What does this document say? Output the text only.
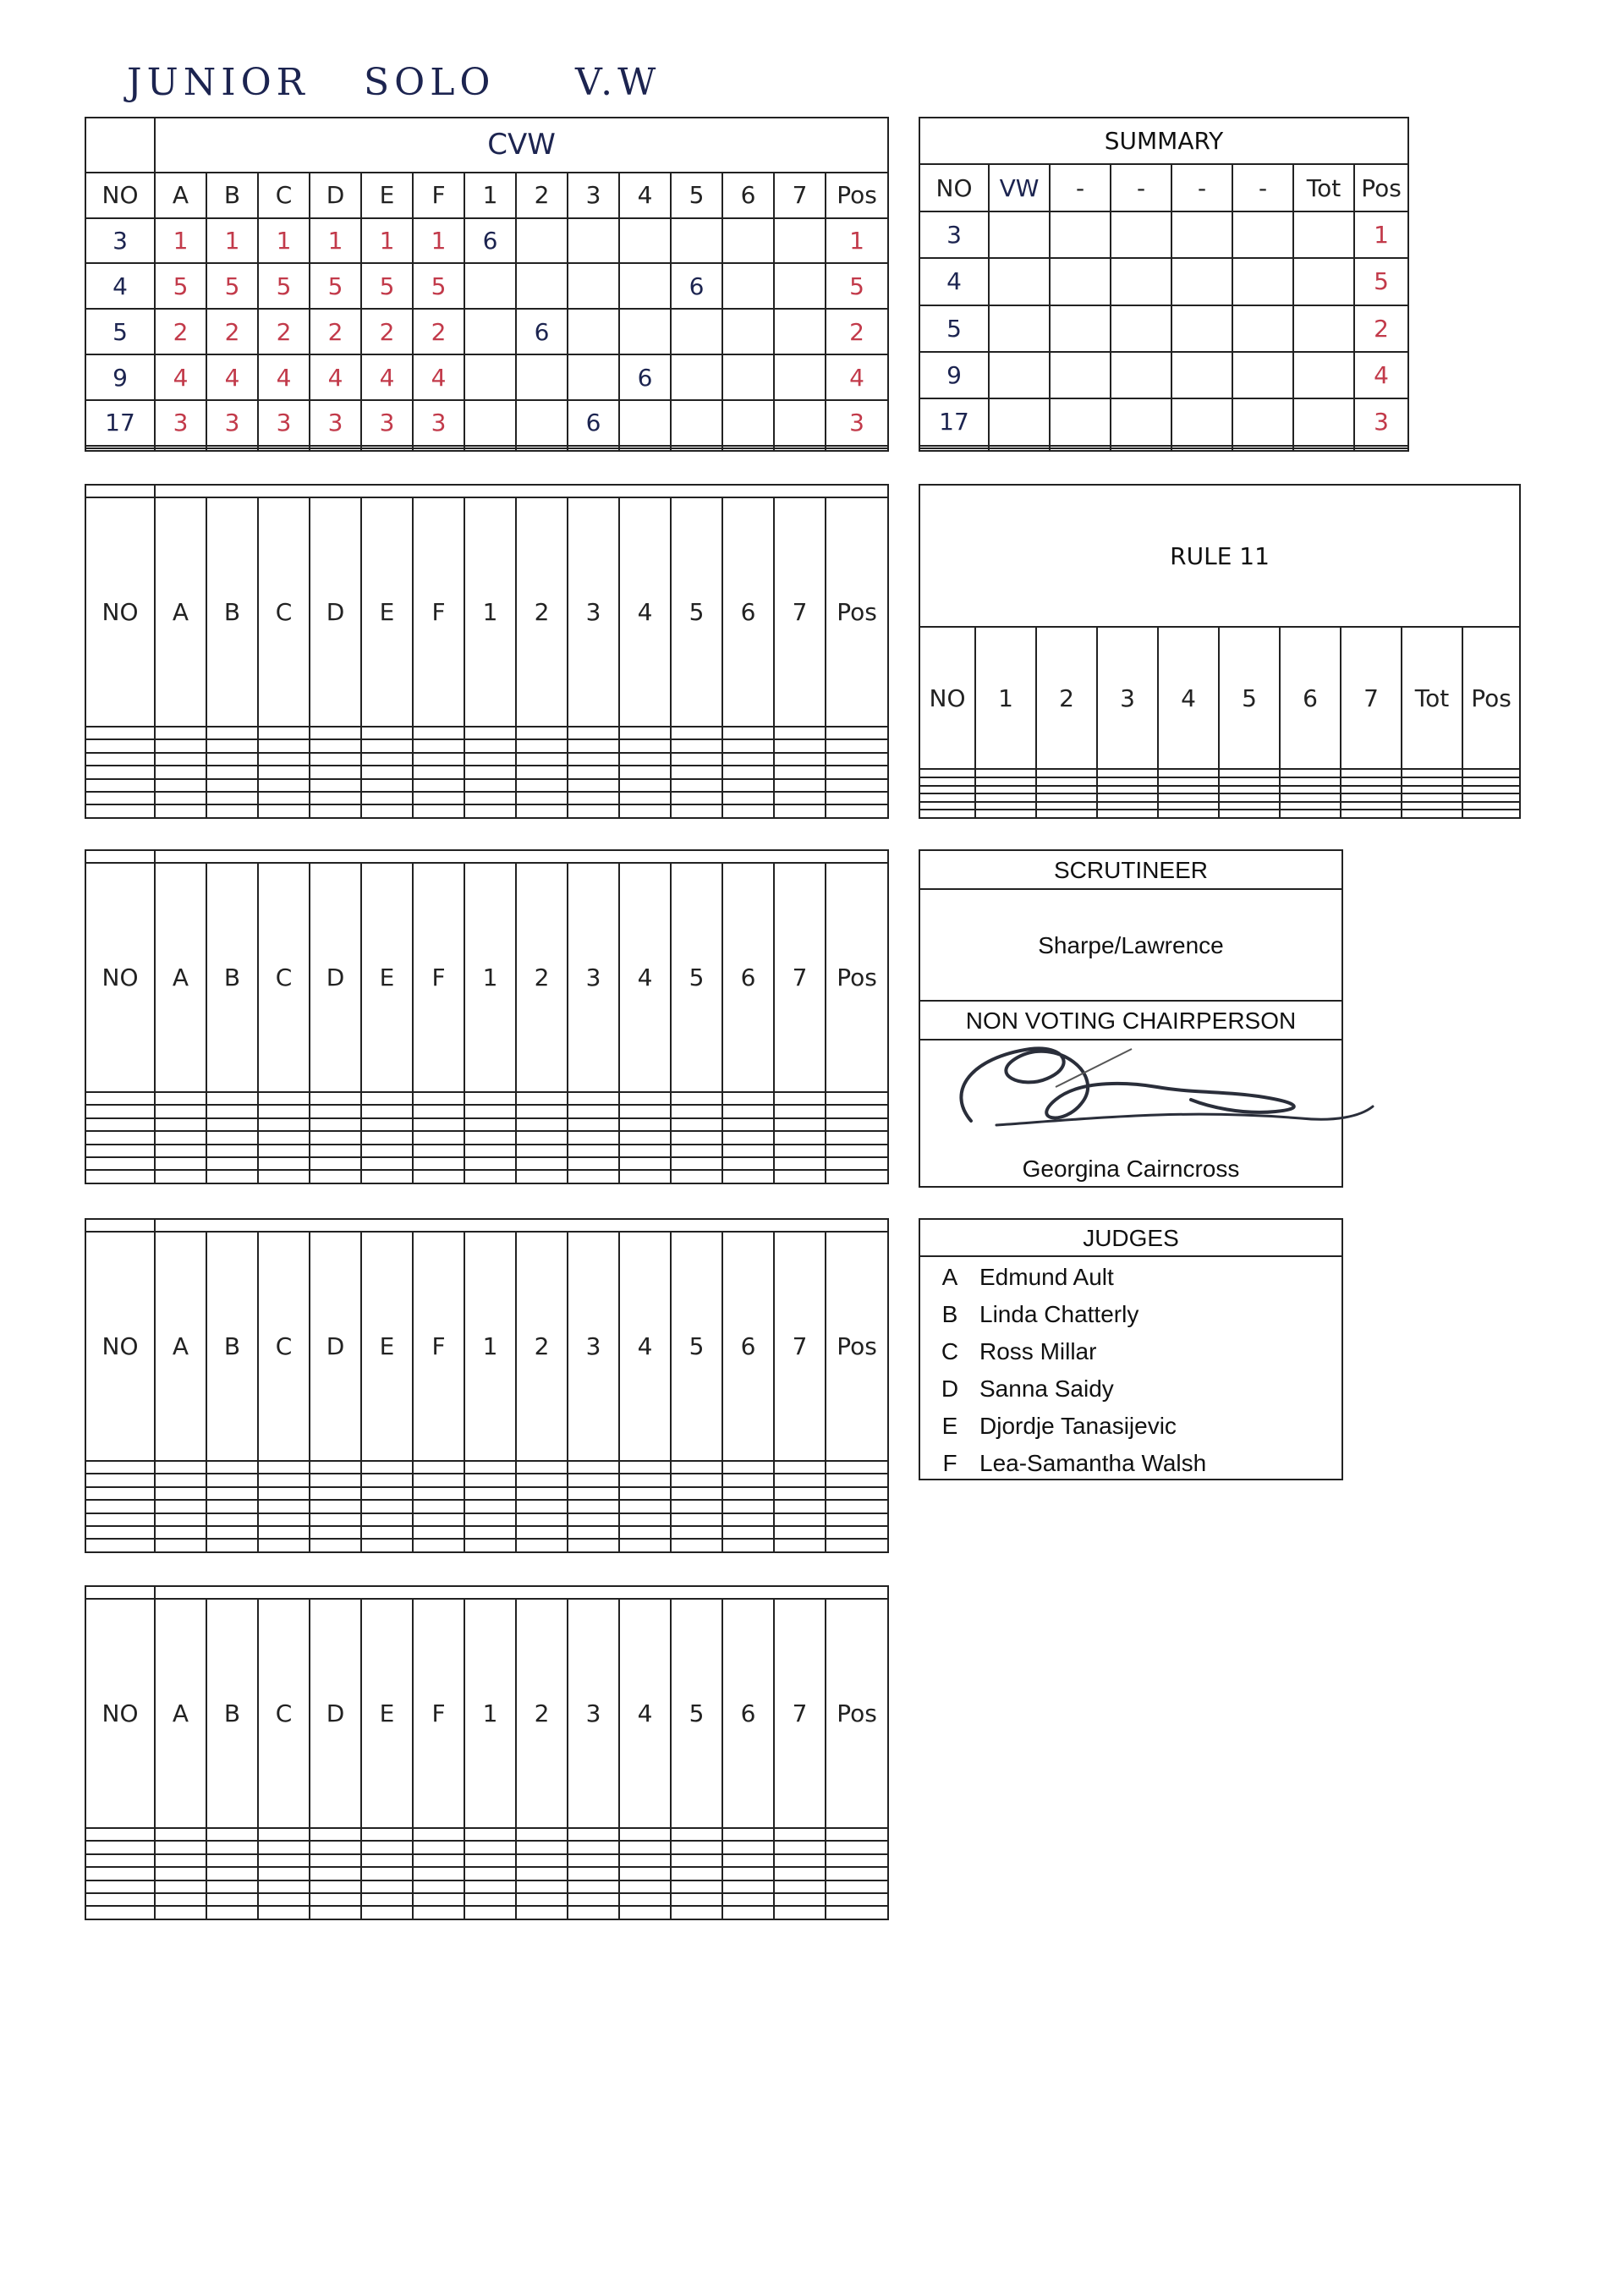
JUNIOR SOLO V.W
	CVW													
NO	A	B	C	D	E	F	1	2	3	4	5	6	7	Pos
3	1	1	1	1	1	1	6							1
4	5	5	5	5	5	5					6			5
5	2	2	2	2	2	2		6						2
9	4	4	4	4	4	4				6				4
17	3	3	3	3	3	3			6					3

NO	A	B	C	D	E	F	1	2	3	4	5	6	7	Pos

NO	A	B	C	D	E	F	1	2	3	4	5	6	7	Pos

NO	A	B	C	D	E	F	1	2	3	4	5	6	7	Pos

NO	A	B	C	D	E	F	1	2	3	4	5	6	7	Pos

SUMMARY							
NO	VW	-	-	-	-	Tot	Pos
3							1
4							5
5							2
9							4
17							3

RULE 11									
NO	1	2	3	4	5	6	7	Tot	Pos

SCRUTINEER
Sharpe/Lawrence
NON VOTING CHAIRPERSON
Georgina Cairncross
JUDGES
A Edmund Ault
B Linda Chatterly
C Ross Millar
D Sanna Saidy
E Djordje Tanasijevic
F Lea-Samantha Walsh
